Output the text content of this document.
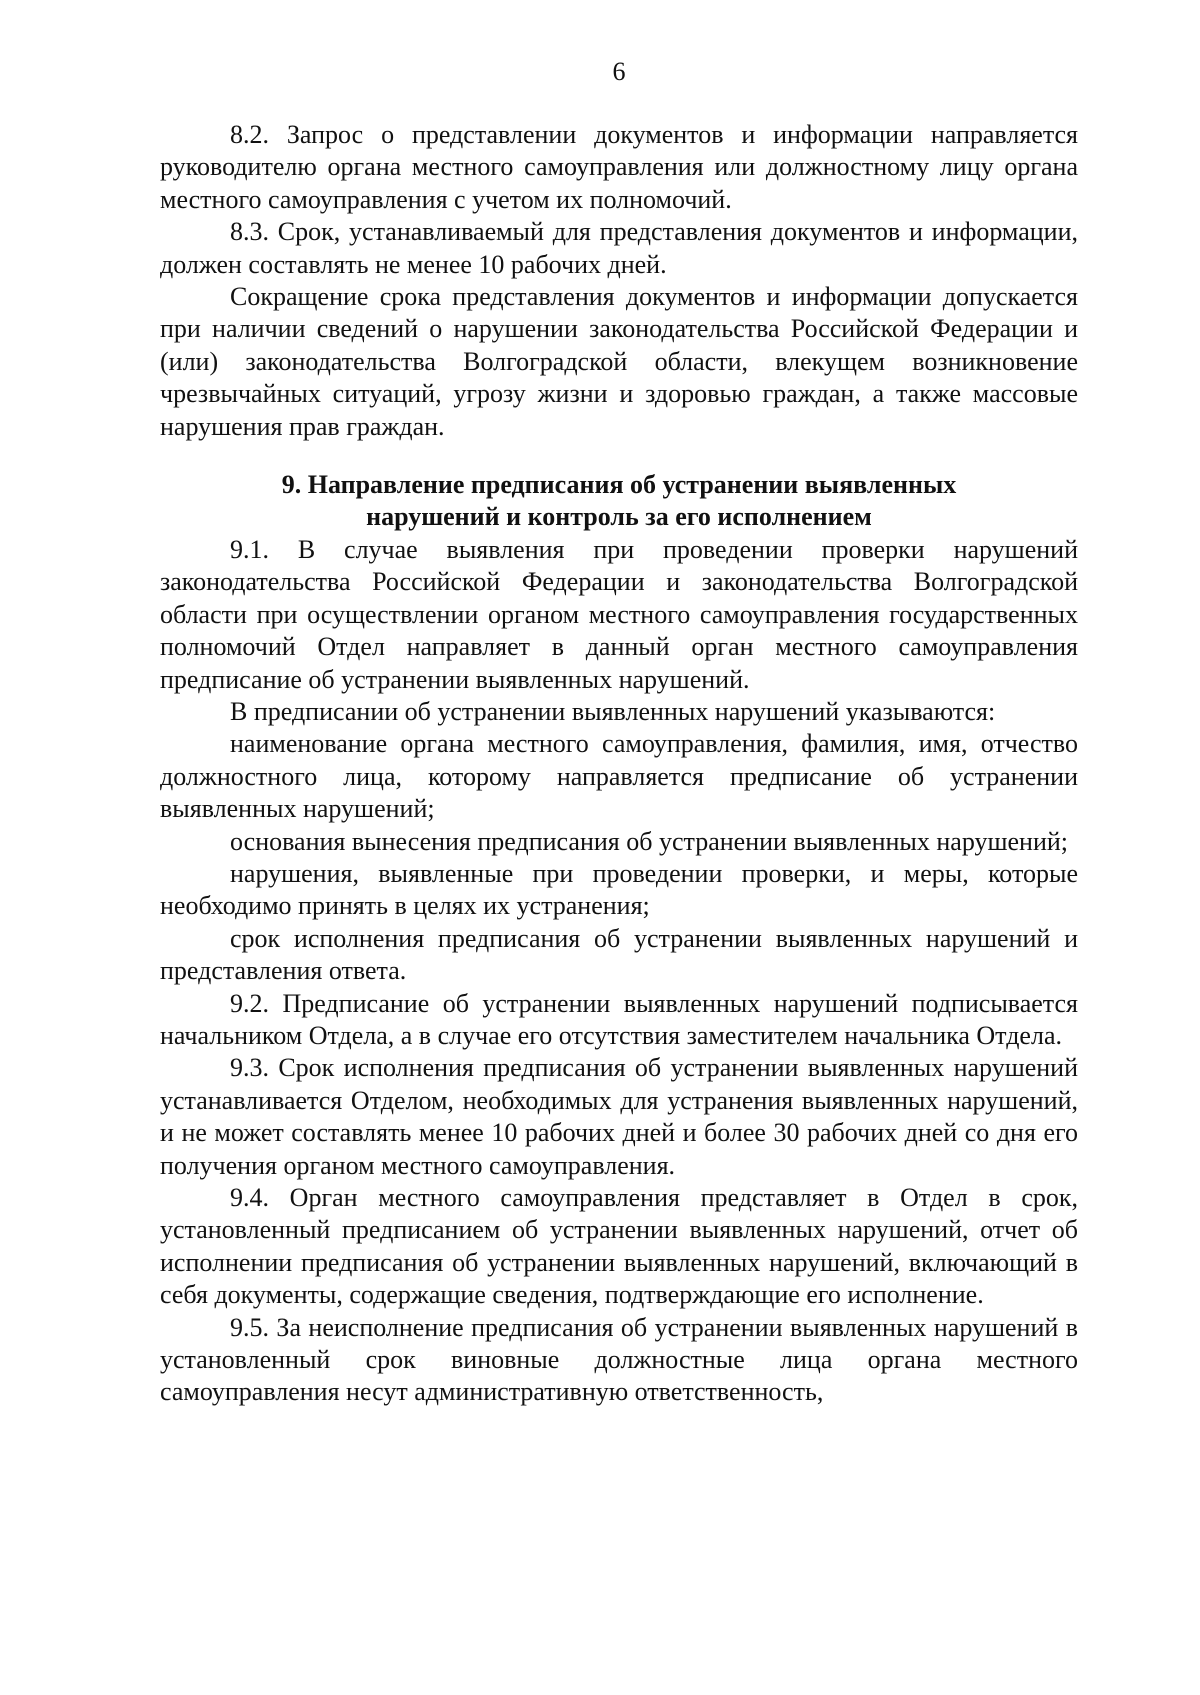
6

8.2. Запрос о представлении документов и информации направляется руководителю органа местного самоуправления или должностному лицу органа местного самоуправления с учетом их полномочий.

8.3. Срок, устанавливаемый для представления документов и информации, должен составлять не менее 10 рабочих дней.

Сокращение срока представления документов и информации допускается при наличии сведений о нарушении законодательства Российской Федерации и (или) законодательства Волгоградской области, влекущем возникновение чрезвычайных ситуаций, угрозу жизни и здоровью граждан, а также массовые нарушения прав граждан.

9. Направление предписания об устранении выявленных
нарушений и контроль за его исполнением

9.1. В случае выявления при проведении проверки нарушений законодательства Российской Федерации и законодательства Волгоградской области при осуществлении органом местного самоуправления государственных полномочий Отдел направляет в данный орган местного самоуправления предписание об устранении выявленных нарушений.

В предписании об устранении выявленных нарушений указываются:

наименование органа местного самоуправления, фамилия, имя, отчество должностного лица, которому направляется предписание об устранении выявленных нарушений;

основания вынесения предписания об устранении выявленных нарушений;

нарушения, выявленные при проведении проверки, и меры, которые необходимо принять в целях их устранения;

срок исполнения предписания об устранении выявленных нарушений и представления ответа.

9.2. Предписание об устранении выявленных нарушений подписывается начальником Отдела, а в случае его отсутствия заместителем начальника Отдела.

9.3. Срок исполнения предписания об устранении выявленных нарушений устанавливается Отделом, необходимых для устранения выявленных нарушений, и не может составлять менее 10 рабочих дней и более 30 рабочих дней со дня его получения органом местного самоуправления.

9.4. Орган местного самоуправления представляет в Отдел в срок, установленный предписанием об устранении выявленных нарушений, отчет об исполнении предписания об устранении выявленных нарушений, включающий в себя документы, содержащие сведения, подтверждающие его исполнение.

9.5. За неисполнение предписания об устранении выявленных нарушений в установленный срок виновные должностные лица органа местного самоуправления несут административную ответственность,
